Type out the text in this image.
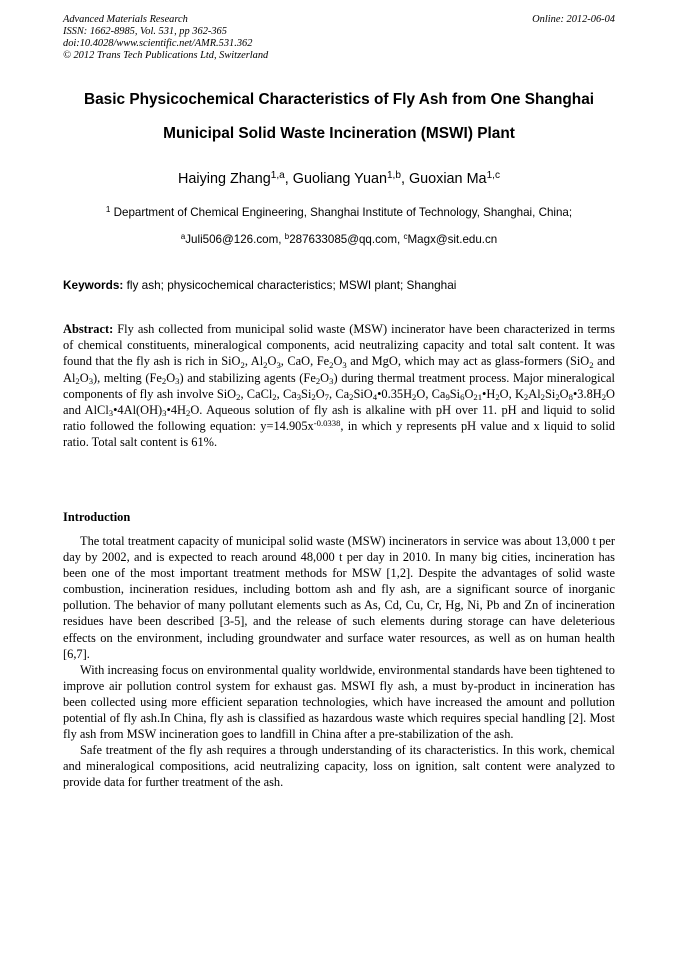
Advanced Materials Research
ISSN: 1662-8985, Vol. 531, pp 362-365
doi:10.4028/www.scientific.net/AMR.531.362
© 2012 Trans Tech Publications Ltd, Switzerland
Online: 2012-06-04
Basic Physicochemical Characteristics of Fly Ash from One Shanghai
Municipal Solid Waste Incineration (MSWI) Plant
Haiying Zhang$^{1,a}$, Guoliang Yuan$^{1,b}$, Guoxian Ma$^{1,c}$
$^1$ Department of Chemical Engineering, Shanghai Institute of Technology, Shanghai, China;
$^a$Juli506@126.com, $^b$287633085@qq.com, $^c$Magx@sit.edu.cn
Keywords: fly ash; physicochemical characteristics; MSWI plant; Shanghai
Abstract: Fly ash collected from municipal solid waste (MSW) incinerator have been characterized in terms of chemical constituents, mineralogical components, acid neutralizing capacity and total salt content. It was found that the fly ash is rich in SiO$_2$, $Al_2O_3$, CaO, $Fe_2O_3$ and MgO, which may act as glass-formers (SiO$_2$ and $Al_2O_3$), melting $(Fe_2O_3)$ and stabilizing agents $(Fe_2O_3)$ during thermal treatment process. Major mineralogical components of fly ash involve SiO$_2$, CaCl$_2$, $Ca_3Si_2O_7$, $Ca_2SiO_4•0.35H_2O$, $Ca_9Si_6O_{21}•H_2O$, $K_2Al_2Si_2O_8•3.8H_2O$ and $AlCl_3•4Al(OH)_3•4H_2O$. Aqueous solution of fly ash is alkaline with pH over 11. pH and liquid to solid ratio followed the following equation: $y=14.905x^{-0.0338}$, in which y represents pH value and x liquid to solid ratio. Total salt content is 61%.
Introduction

The total treatment capacity of municipal solid waste (MSW) incinerators in service was about 13,000 t per day by 2002, and is expected to reach around 48,000 t per day in 2010. In many big cities, incineration has been one of the most important treatment methods for MSW [1,2]. Despite the advantages of solid waste combustion, incineration residues, including bottom ash and fly ash, are a significant source of inorganic pollution. The behavior of many pollutant elements such as As, Cd, Cu, Cr, Hg, Ni, Pb and Zn of incineration residues have been described [3-5], and the release of such elements during storage can have deleterious effects on the environment, including groundwater and surface water resources, as well as on human health [6,7].

With increasing focus on environmental quality worldwide, environmental standards have been tightened to improve air pollution control system for exhaust gas. MSWI fly ash, a must by-product in incineration has been collected using more efficient separation technologies, which have increased the amount and pollution potential of fly ash.In China, fly ash is classified as hazardous waste which requires special handling [2]. Most fly ash from MSW incineration goes to landfill in China after a pre-stabilization of the ash.

Safe treatment of the fly ash requires a through understanding of its characteristics. In this work, chemical and mineralogical compositions, acid neutralizing capacity, loss on ignition, salt content were analyzed to provide data for further treatment of the ash.
